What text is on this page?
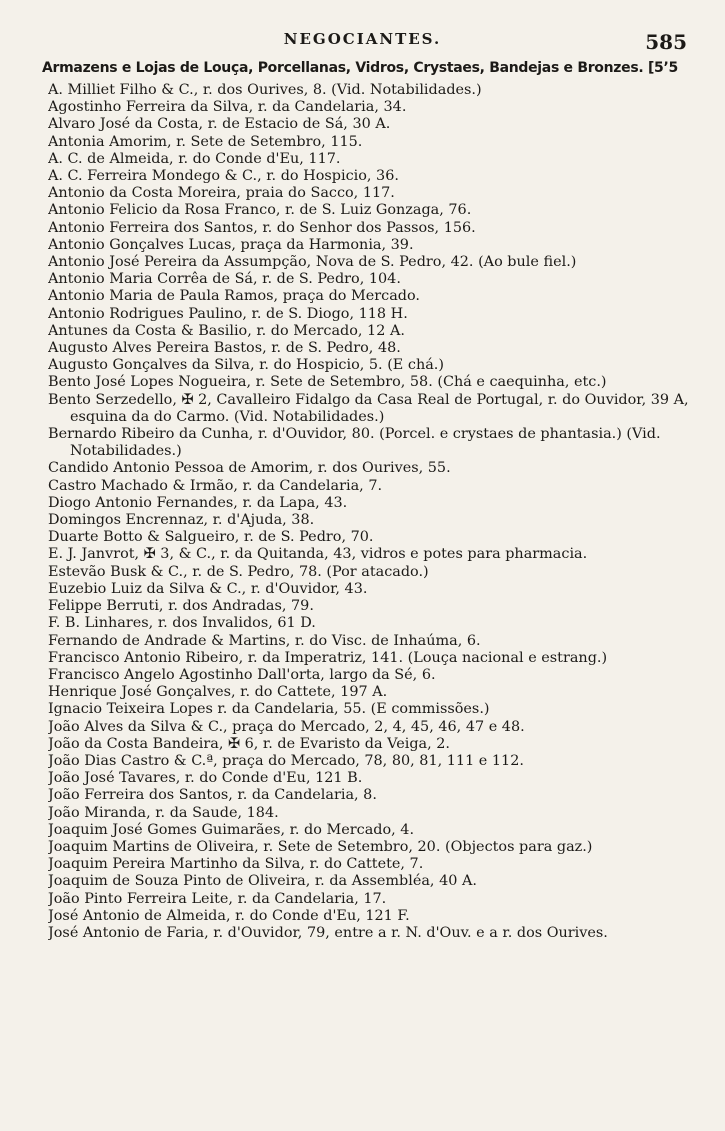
NEGOCIANTES.	585
Armazens e Lojas de Louça, Porcellanas, Vidros, Crystaes, Bandejas e Bronzes. [5’5
A. Milliet Filho & C., r. dos Ourives, 8. (Vid. Notabilidades.)
Agostinho Ferreira da Silva, r. da Candelaria, 34.
Alvaro José da Costa, r. de Estacio de Sá, 30 A.
Antonia Amorim, r. Sete de Setembro, 115.
A. C. de Almeida, r. do Conde d'Eu, 117.
A. C. Ferreira Mondego & C., r. do Hospicio, 36.
Antonio da Costa Moreira, praia do Sacco, 117.
Antonio Felicio da Rosa Franco, r. de S. Luiz Gonzaga, 76.
Antonio Ferreira dos Santos, r. do Senhor dos Passos, 156.
Antonio Gonçalves Lucas, praça da Harmonia, 39.
Antonio José Pereira da Assumpção, Nova de S. Pedro, 42. (Ao bule fiel.)
Antonio Maria Corrêa de Sá, r. de S. Pedro, 104.
Antonio Maria de Paula Ramos, praça do Mercado.
Antonio Rodrigues Paulino, r. de S. Diogo, 118 H.
Antunes da Costa & Basilio, r. do Mercado, 12 A.
Augusto Alves Pereira Bastos, r. de S. Pedro, 48.
Augusto Gonçalves da Silva, r. do Hospicio, 5. (E chá.)
Bento José Lopes Nogueira, r. Sete de Setembro, 58. (Chá e caequinha, etc.)
Bento Serzedello, ✠ 2, Cavalleiro Fidalgo da Casa Real de Portugal, r. do Ouvidor, 39 A, esquina da do Carmo. (Vid. Notabilidades.)
Bernardo Ribeiro da Cunha, r. d'Ouvidor, 80. (Porcel. e crystaes de phantasia.) (Vid. Notabilidades.)
Candido Antonio Pessoa de Amorim, r. dos Ourives, 55.
Castro Machado & Irmão, r. da Candelaria, 7.
Diogo Antonio Fernandes, r. da Lapa, 43.
Domingos Encrennaz, r. d'Ajuda, 38.
Duarte Botto & Salgueiro, r. de S. Pedro, 70.
E. J. Janvrot, ✠ 3, & C., r. da Quitanda, 43, vidros e potes para pharmacia.
Estevão Busk & C., r. de S. Pedro, 78. (Por atacado.)
Euzebio Luiz da Silva & C., r. d'Ouvidor, 43.
Felippe Berruti, r. dos Andradas, 79.
F. B. Linhares, r. dos Invalidos, 61 D.
Fernando de Andrade & Martins, r. do Visc. de Inhaúma, 6.
Francisco Antonio Ribeiro, r. da Imperatriz, 141. (Louça nacional e estrang.)
Francisco Angelo Agostinho Dall'orta, largo da Sé, 6.
Henrique José Gonçalves, r. do Cattete, 197 A.
Ignacio Teixeira Lopes r. da Candelaria, 55. (E commissões.)
João Alves da Silva & C., praça do Mercado, 2, 4, 45, 46, 47 e 48.
João da Costa Bandeira, ✠ 6, r. de Evaristo da Veiga, 2.
João Dias Castro & C.ª, praça do Mercado, 78, 80, 81, 111 e 112.
João José Tavares, r. do Conde d'Eu, 121 B.
João Ferreira dos Santos, r. da Candelaria, 8.
João Miranda, r. da Saude, 184.
Joaquim José Gomes Guimarães, r. do Mercado, 4.
Joaquim Martins de Oliveira, r. Sete de Setembro, 20. (Objectos para gaz.)
Joaquim Pereira Martinho da Silva, r. do Cattete, 7.
Joaquim de Souza Pinto de Oliveira, r. da Assembléa, 40 A.
João Pinto Ferreira Leite, r. da Candelaria, 17.
José Antonio de Almeida, r. do Conde d'Eu, 121 F.
José Antonio de Faria, r. d'Ouvidor, 79, entre a r. N. d'Ouv. e a r. dos Ourives.
